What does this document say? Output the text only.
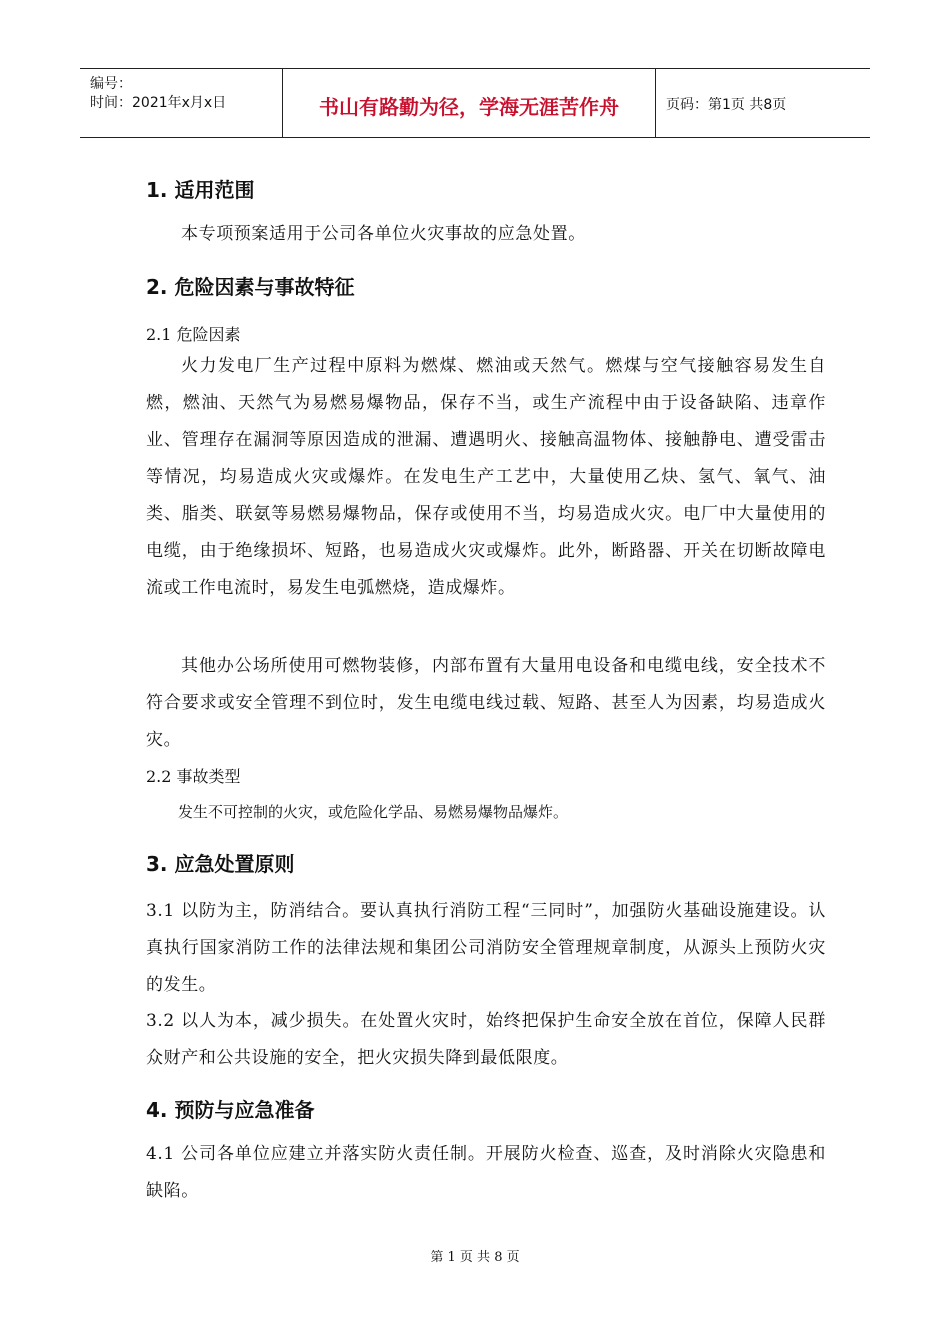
编号：
时间：2021年x月x日	书山有路勤为径，学海无涯苦作舟	页码：第1页 共8页
1. 适用范围

本专项预案适用于公司各单位火灾事故的应急处置。

2. 危险因素与事故特征
2.1 危险因素

火力发电厂生产过程中原料为燃煤、燃油或天然气。燃煤与空气接触容易发生自燃，燃油、天然气为易燃易爆物品，保存不当，或生产流程中由于设备缺陷、违章作业、管理存在漏洞等原因造成的泄漏、遭遇明火、接触高温物体、接触静电、遭受雷击等情况，均易造成火灾或爆炸。在发电生产工艺中，大量使用乙炔、氢气、氧气、油类、脂类、联氨等易燃易爆物品，保存或使用不当，均易造成火灾。电厂中大量使用的电缆，由于绝缘损坏、短路，也易造成火灾或爆炸。此外，断路器、开关在切断故障电流或工作电流时，易发生电弧燃烧，造成爆炸。

其他办公场所使用可燃物装修，内部布置有大量用电设备和电缆电线，安全技术不符合要求或安全管理不到位时，发生电缆电线过载、短路、甚至人为因素，均易造成火灾。

2.2 事故类型
发生不可控制的火灾，或危险化学品、易燃易爆物品爆炸。
3. 应急处置原则

3.1 以防为主，防消结合。要认真执行消防工程“三同时”，加强防火基础设施建设。认真执行国家消防工作的法律法规和集团公司消防安全管理规章制度，从源头上预防火灾的发生。

3.2 以人为本，减少损失。在处置火灾时，始终把保护生命安全放在首位，保障人民群众财产和公共设施的安全，把火灾损失降到最低限度。

4. 预防与应急准备

4.1 公司各单位应建立并落实防火责任制。开展防火检查、巡查，及时消除火灾隐患和缺陷。

第 1 页 共 8 页
